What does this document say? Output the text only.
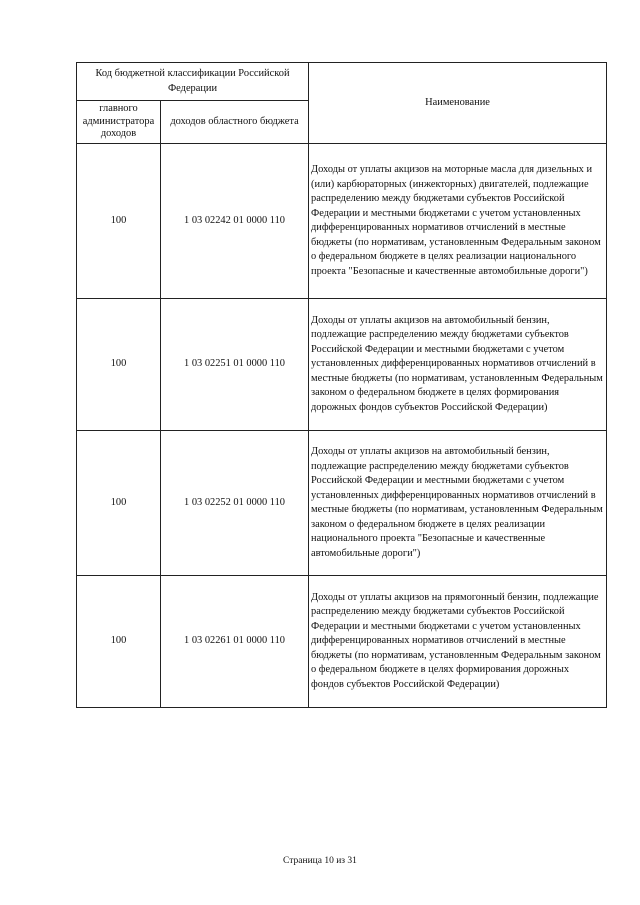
Код бюджетной классификации Российской Федерации		Наименование
главного администратора доходов	доходов областного бюджета	
100	1 03 02242 01 0000 110	Доходы от уплаты акцизов на моторные масла для дизельных и (или) карбюраторных (инжекторных) двигателей, подлежащие распределению между бюджетами субъектов Российской Федерации и местными бюджетами с учетом установленных дифференцированных нормативов отчислений в местные бюджеты (по нормативам, установленным Федеральным законом о федеральном бюджете в целях реализации национального проекта "Безопасные и качественные автомобильные дороги")
100	1 03 02251 01 0000 110	Доходы от уплаты акцизов на автомобильный бензин, подлежащие распределению между бюджетами субъектов Российской Федерации и местными бюджетами с учетом установленных дифференцированных нормативов отчислений в местные бюджеты (по нормативам, установленным Федеральным законом о федеральном бюджете в целях формирования дорожных фондов субъектов Российской Федерации)
100	1 03 02252 01 0000 110	Доходы от уплаты акцизов на автомобильный бензин, подлежащие распределению между бюджетами субъектов Российской Федерации и местными бюджетами с учетом установленных дифференцированных нормативов отчислений в местные бюджеты (по нормативам, установленным Федеральным законом о федеральном бюджете в целях реализации национального проекта "Безопасные и качественные автомобильные дороги")
100	1 03 02261 01 0000 110	Доходы от уплаты акцизов на прямогонный бензин, подлежащие распределению между бюджетами субъектов Российской Федерации и местными бюджетами с учетом установленных дифференцированных нормативов отчислений в местные бюджеты (по нормативам, установленным Федеральным законом о федеральном бюджете в целях формирования дорожных фондов субъектов Российской Федерации)
Страница 10 из 31
